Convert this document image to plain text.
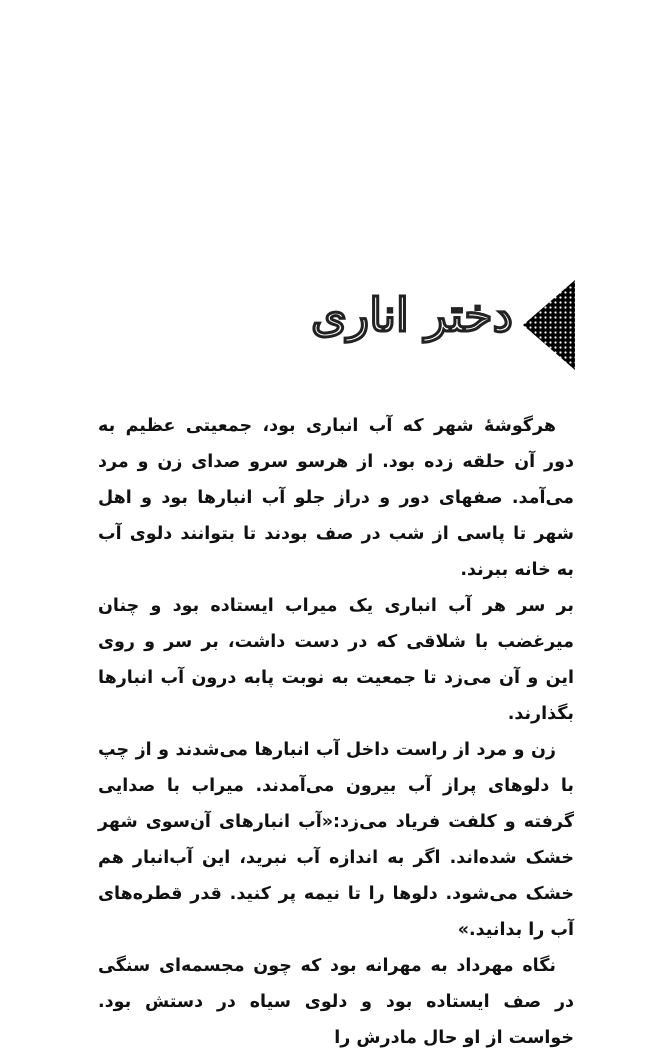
دختر اناری

هرگوشهٔ شهر که آب انباری بود، جمعیتی عظیم به دور آن حلقه زده بود. از هرسو سرو صدای زن و مرد می‌آمد. صفهای دور و دراز جلو آب انبارها بود و اهل شهر تا پاسی از شب در صف بودند تا بتوانند دلوی آب به خانه ببرند.

بر سر هر آب انباری یک میراب ایستاده بود و چنان میرغضب با شلاقی که در دست داشت، بر سر و روی این و آن می‌زد تا جمعیت به نوبت پابه درون آب انبارها بگذارند.

زن و مرد از راست داخل آب انبارها می‌شدند و از چپ با دلوهای پراز آب بیرون می‌آمدند. میراب با صدایی گرفته و کلفت فریاد می‌زد:«آب انبارهای آن‌سوی شهر خشک شده‌اند. اگر به اندازه آب نبرید، این آب‌انبار هم خشک می‌شود. دلوها را تا نیمه پر کنید. قدر قطره‌های آب را بدانید.»

نگاه مهرداد به مهرانه بود که چون مجسمه‌ای سنگی در صف ایستاده بود و دلوی سیاه در دستش بود. خواست از او حال مادرش را
